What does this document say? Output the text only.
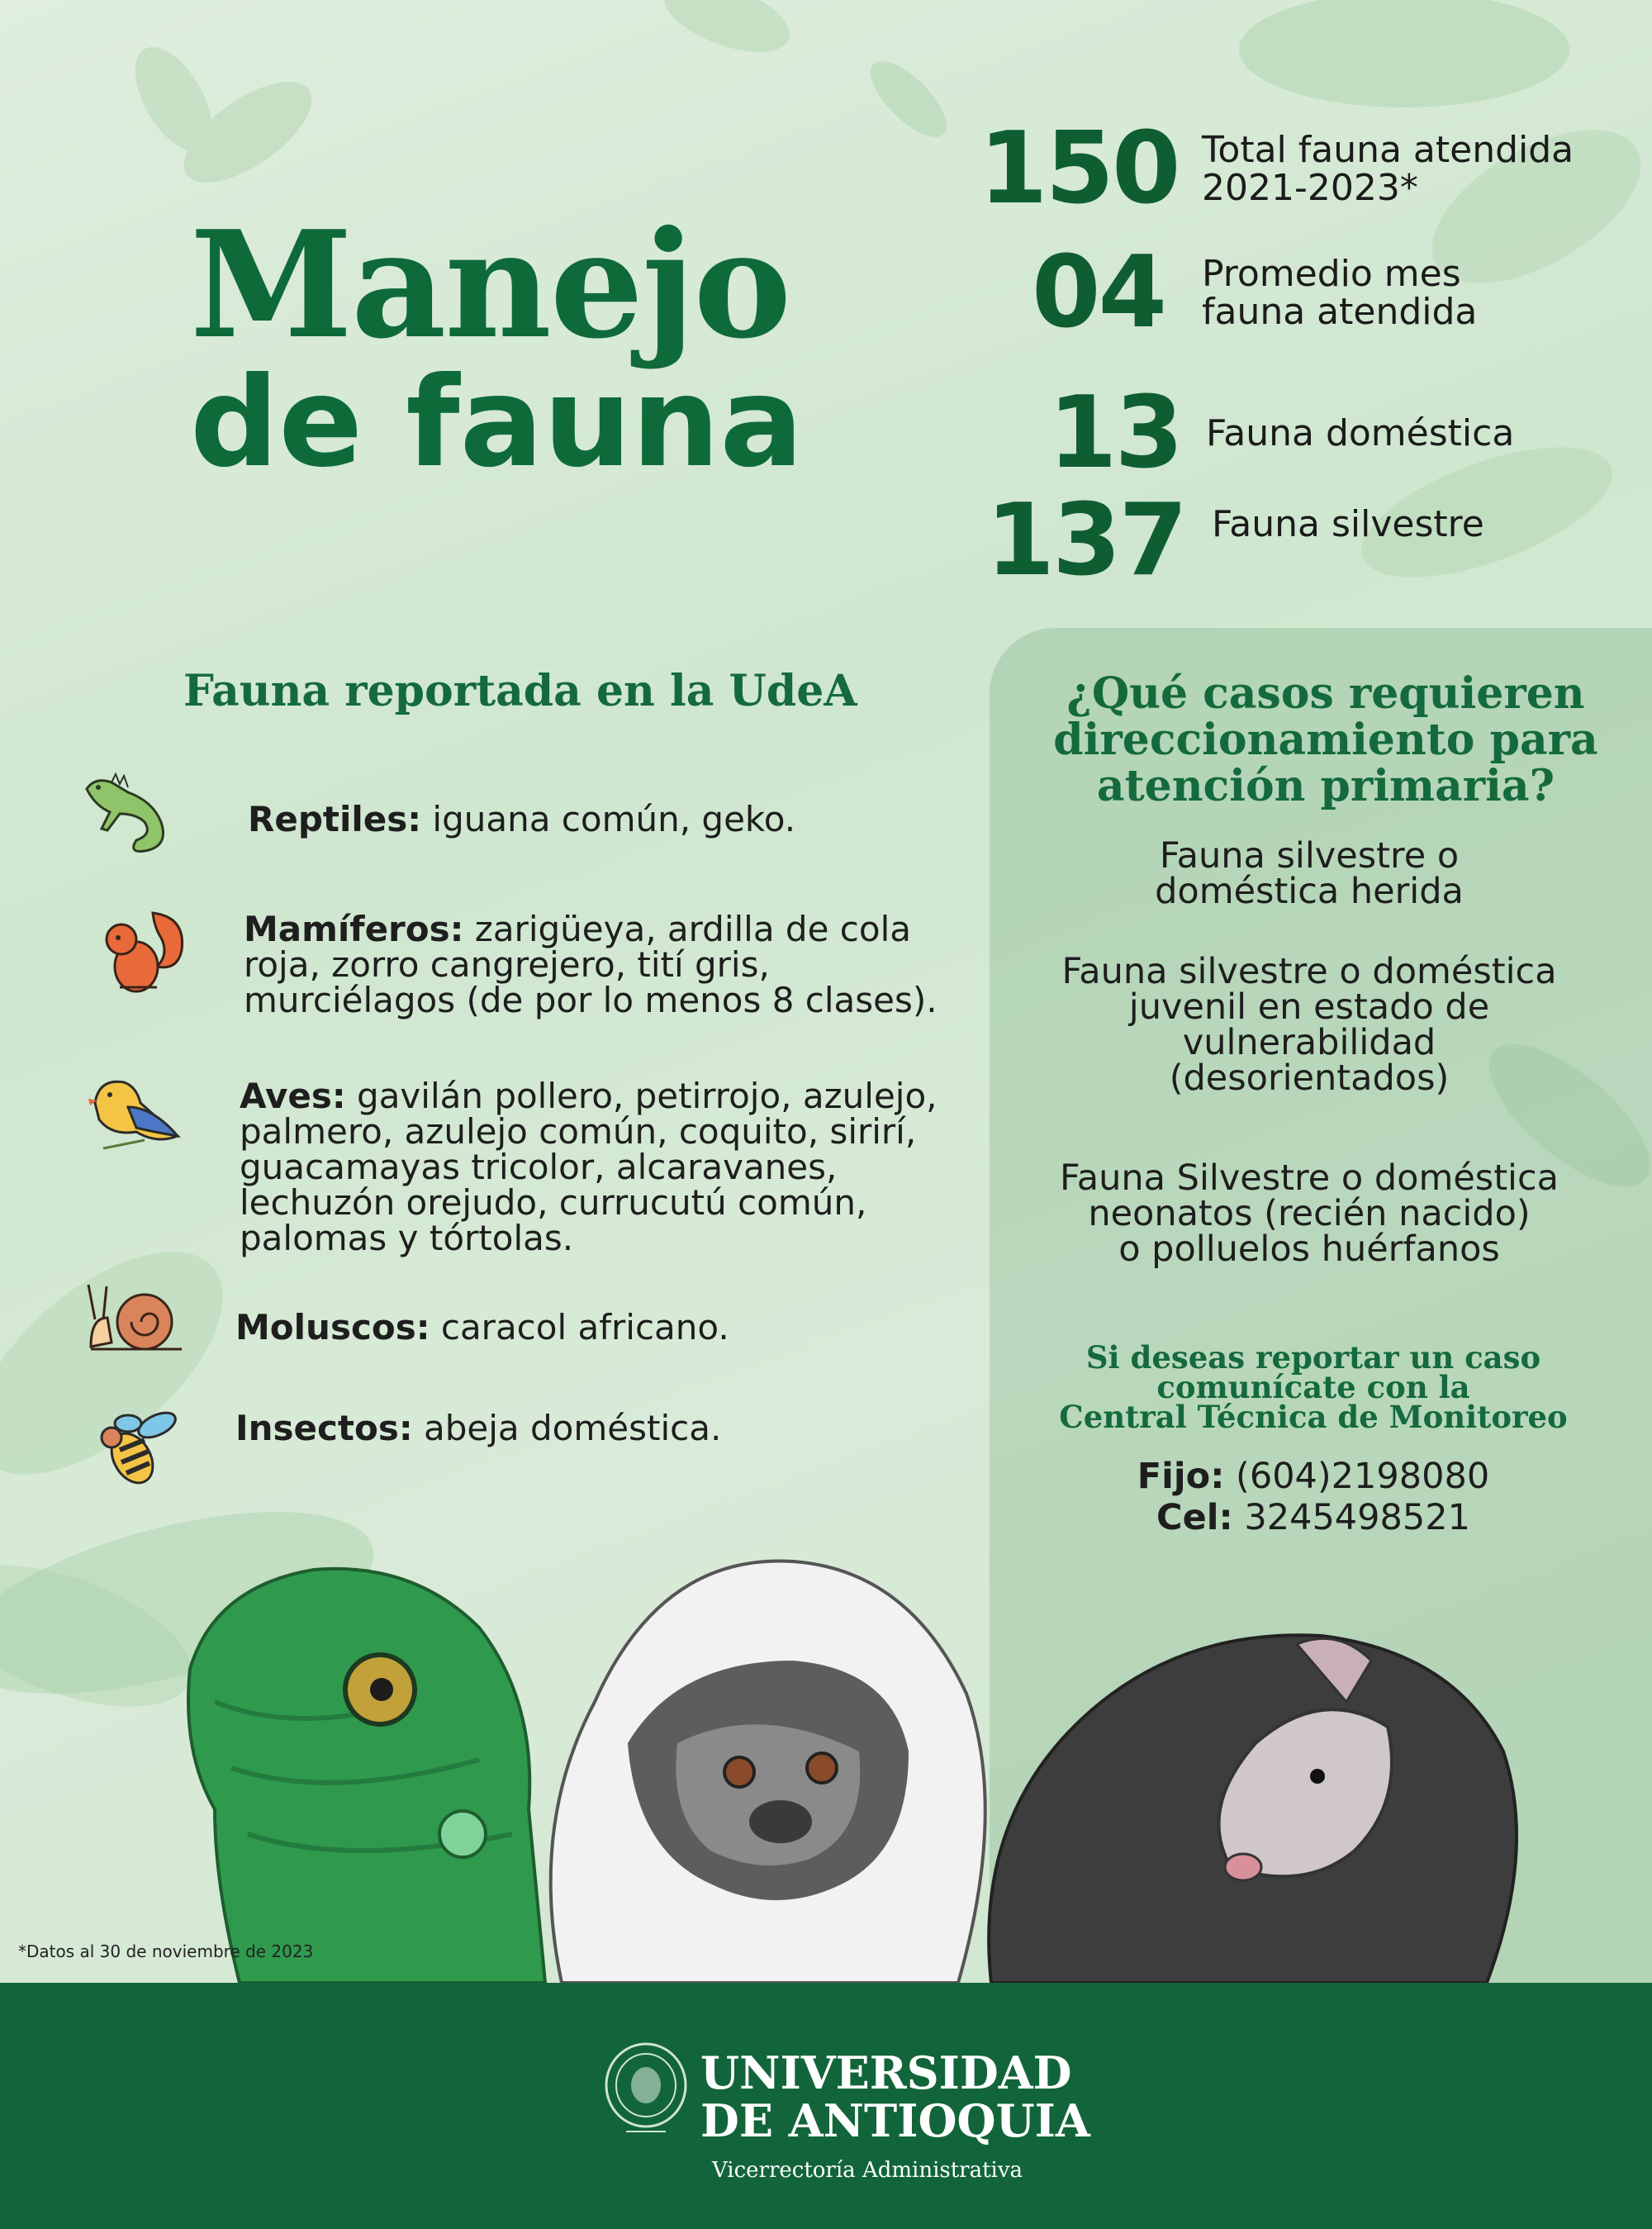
Manejo
de fauna
150 Total fauna atendida
2021-2023*
04 Promedio mes
fauna atendida
13 Fauna doméstica
137 Fauna silvestre
Fauna reportada en la UdeA
Reptiles: iguana común, geko.
Mamíferos: zarigüeya, ardilla de cola roja, zorro cangrejero, tití gris, murciélagos (de por lo menos 8 clases).
Aves: gavilán pollero, petirrojo, azulejo, palmero, azulejo común, coquito, sirirí, guacamayas tricolor, alcaravanes, lechuzón orejudo, currucutú común, palomas y tórtolas.
Moluscos: caracol africano.
Insectos: abeja doméstica.
¿Qué casos requieren direccionamiento para atención primaria?
Fauna silvestre o
doméstica herida
Fauna silvestre o doméstica
juvenil en estado de
vulnerabilidad
(desorientados)
Fauna Silvestre o doméstica
neonatos (recién nacido)
o polluelos huérfanos
Si deseas reportar un caso
comunícate con la
Central Técnica de Monitoreo
Fijo: (604)2198080
Cel: 3245498521
*Datos al 30 de noviembre de 2023
UNIVERSIDAD
DE ANTIOQUIA
Vicerrectoría Administrativa
